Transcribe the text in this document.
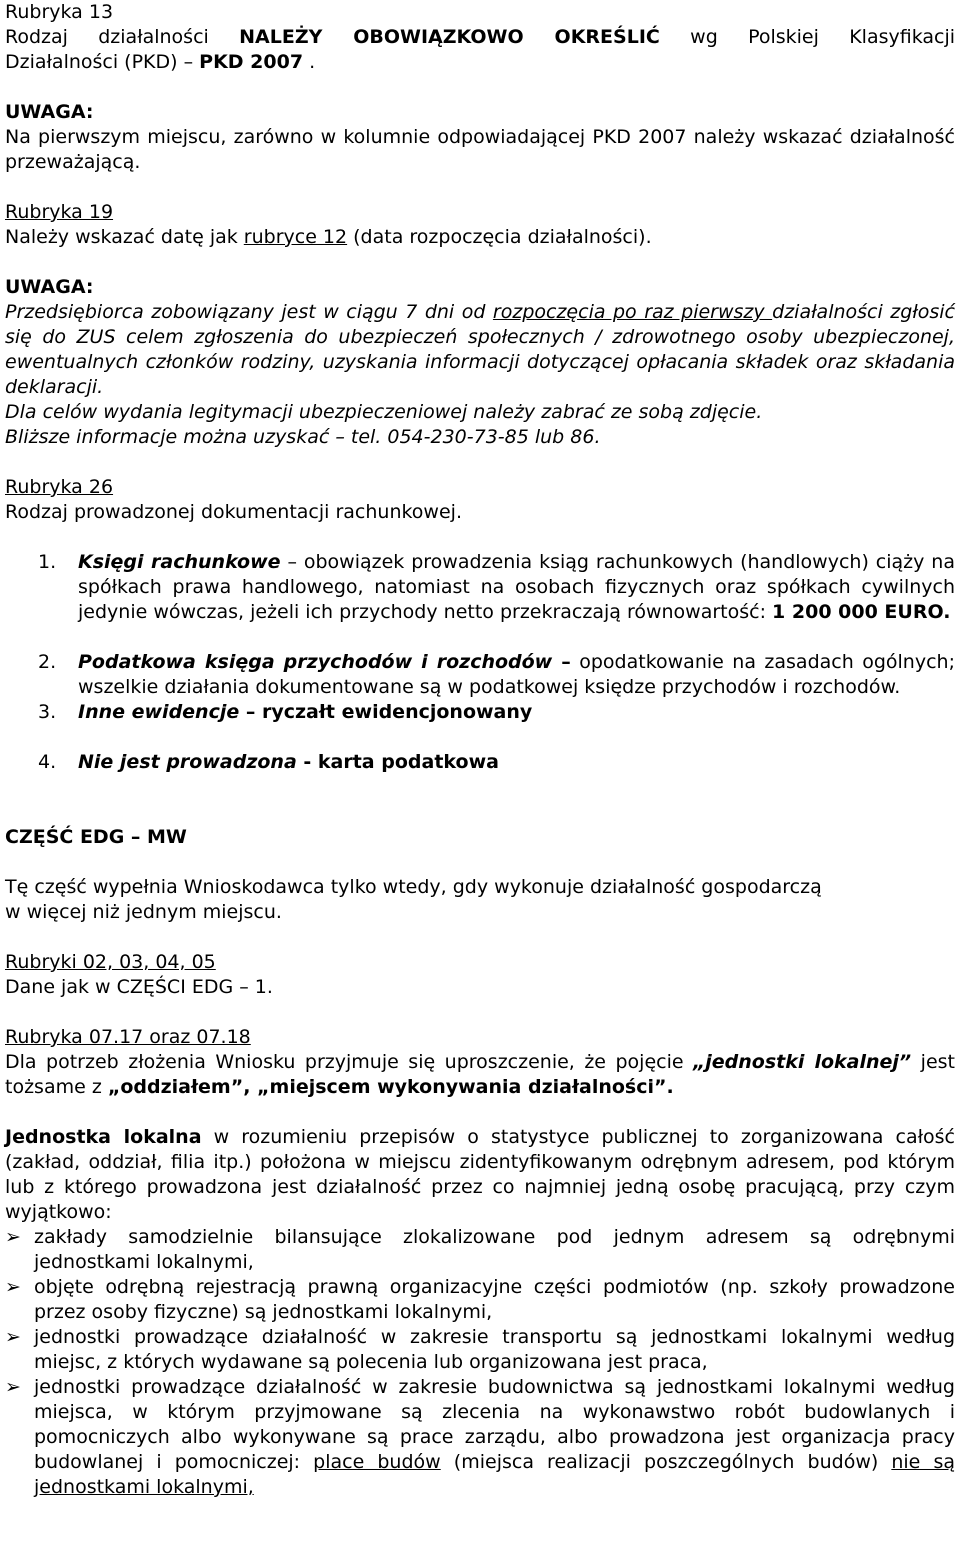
Rubryka 13

Rodzaj działalności NALEŻY OBOWIĄZKOWO OKREŚLIĆ wg Polskiej Klasyfikacji

Działalności (PKD) – PKD 2007 .

UWAGA:

Na pierwszym miejscu, zarówno w kolumnie odpowiadającej PKD 2007 należy wskazać działalność przeważającą.

Rubryka 19

Należy wskazać datę jak rubryce 12 (data rozpoczęcia działalności).

UWAGA:

Przedsiębiorca zobowiązany jest w ciągu 7 dni od rozpoczęcia po raz pierwszy działalności zgłosić się do ZUS celem zgłoszenia do ubezpieczeń społecznych / zdrowotnego osoby ubezpieczonej, ewentualnych członków rodziny, uzyskania informacji dotyczącej opłacania składek oraz składania deklaracji.

Dla celów wydania legitymacji ubezpieczeniowej należy zabrać ze sobą zdjęcie.

Bliższe informacje można uzyskać – tel. 054-230-73-85 lub 86.

Rubryka 26

Rodzaj prowadzonej dokumentacji rachunkowej.

1. Księgi rachunkowe – obowiązek prowadzenia ksiąg rachunkowych (handlowych) ciąży na spółkach prawa handlowego, natomiast na osobach fizycznych oraz spółkach cywilnych jedynie wówczas, jeżeli ich przychody netto przekraczają równowartość: 1 200 000 EURO.
2. Podatkowa księga przychodów i rozchodów – opodatkowanie na zasadach ogólnych; wszelkie działania dokumentowane są w podatkowej księdze przychodów i rozchodów.
3. Inne ewidencje – ryczałt ewidencjonowany
4. Nie jest prowadzona - karta podatkowa

CZĘŚĆ EDG – MW

Tę część wypełnia Wnioskodawca tylko wtedy, gdy wykonuje działalność gospodarczą

w więcej niż jednym miejscu.

Rubryki 02, 03, 04, 05

Dane jak w CZĘŚCI EDG – 1.

Rubryka 07.17 oraz 07.18

Dla potrzeb złożenia Wniosku przyjmuje się uproszczenie, że pojęcie „jednostki lokalnej” jest tożsame z „oddziałem”, „miejscem wykonywania działalności”.

Jednostka lokalna w rozumieniu przepisów o statystyce publicznej to zorganizowana całość (zakład, oddział, filia itp.) położona w miejscu zidentyfikowanym odrębnym adresem, pod którym lub z którego prowadzona jest działalność przez co najmniej jedną osobę pracującą, przy czym wyjątkowo:

➢ zakłady samodzielnie bilansujące zlokalizowane pod jednym adresem są odrębnymi jednostkami lokalnymi,
➢ objęte odrębną rejestracją prawną organizacyjne części podmiotów (np. szkoły prowadzone przez osoby fizyczne) są jednostkami lokalnymi,
➢ jednostki prowadzące działalność w zakresie transportu są jednostkami lokalnymi według miejsc, z których wydawane są polecenia lub organizowana jest praca,
➢ jednostki prowadzące działalność w zakresie budownictwa są jednostkami lokalnymi według miejsca, w którym przyjmowane są zlecenia na wykonawstwo robót budowlanych i pomocniczych albo wykonywane są prace zarządu, albo prowadzona jest organizacja pracy budowlanej i pomocniczej: place budów (miejsca realizacji poszczególnych budów) nie są jednostkami lokalnymi,
